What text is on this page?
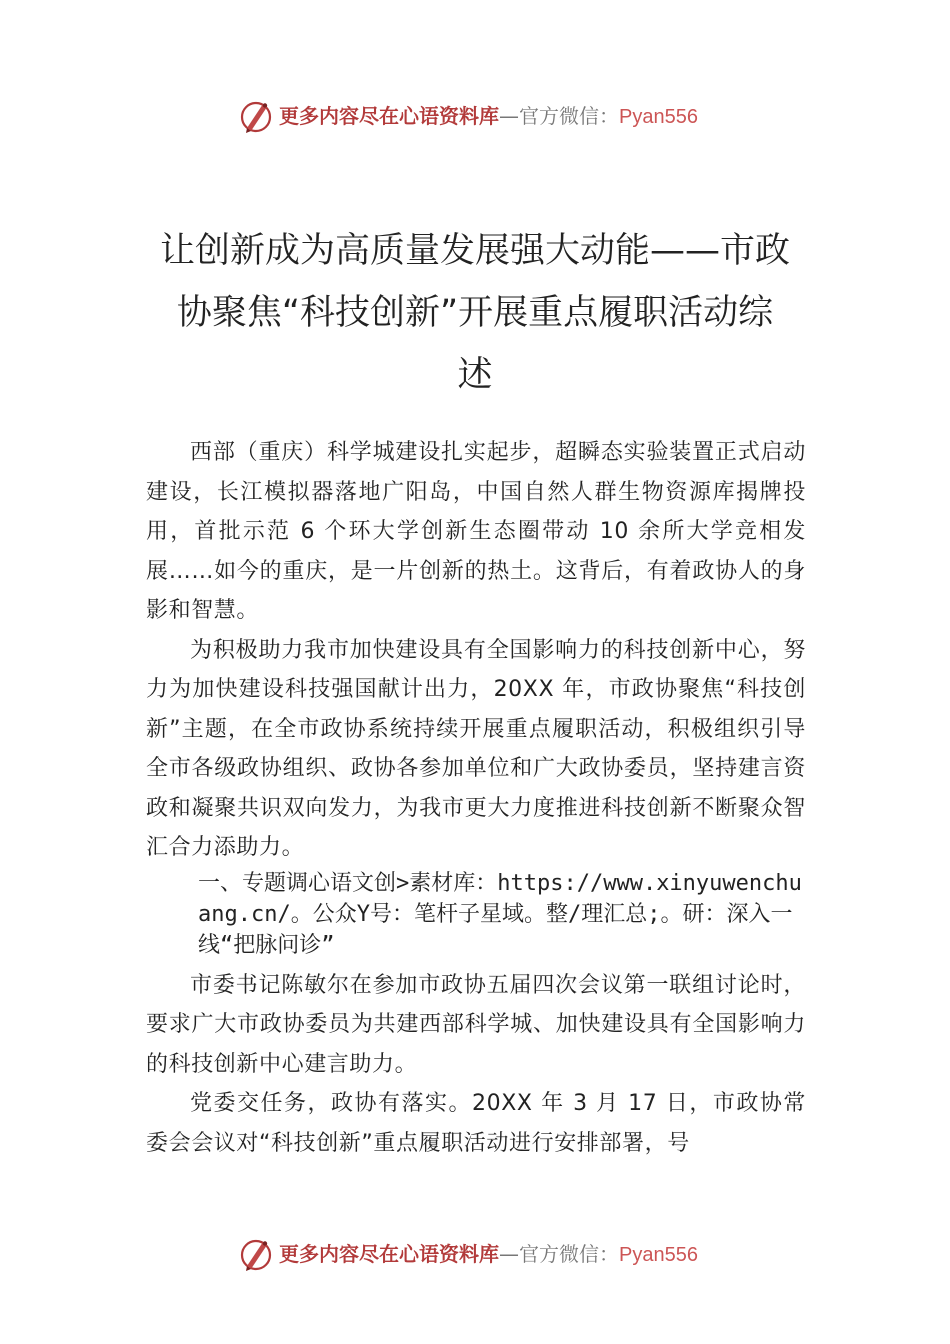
更多内容尽在心语资料库—官方微信：Pyan556
让创新成为高质量发展强大动能——市政
协聚焦“科技创新”开展重点履职活动综
述

西部（重庆）科学城建设扎实起步，超瞬态实验装置正式启动建设，长江模拟器落地广阳岛，中国自然人群生物资源库揭牌投用，首批示范 6 个环大学创新生态圈带动 10 余所大学竞相发展……如今的重庆，是一片创新的热土。这背后，有着政协人的身影和智慧。

为积极助力我市加快建设具有全国影响力的科技创新中心，努力为加快建设科技强国献计出力，20XX 年，市政协聚焦“科技创新”主题，在全市政协系统持续开展重点履职活动，积极组织引导全市各级政协组织、政协各参加单位和广大政协委员，坚持建言资政和凝聚共识双向发力，为我市更大力度推进科技创新不断聚众智汇合力添助力。

一、专题调心语文创>素材库：https://www.xinyuwenchuang.cn/。公众Y号：笔杆子星域。整/理汇总;。研：深入一线“把脉问诊”

市委书记陈敏尔在参加市政协五届四次会议第一联组讨论时，要求广大市政协委员为共建西部科学城、加快建设具有全国影响力的科技创新中心建言助力。

党委交任务，政协有落实。20XX 年 3 月 17 日，市政协常委会会议对“科技创新”重点履职活动进行安排部署，号

更多内容尽在心语资料库—官方微信：Pyan556
